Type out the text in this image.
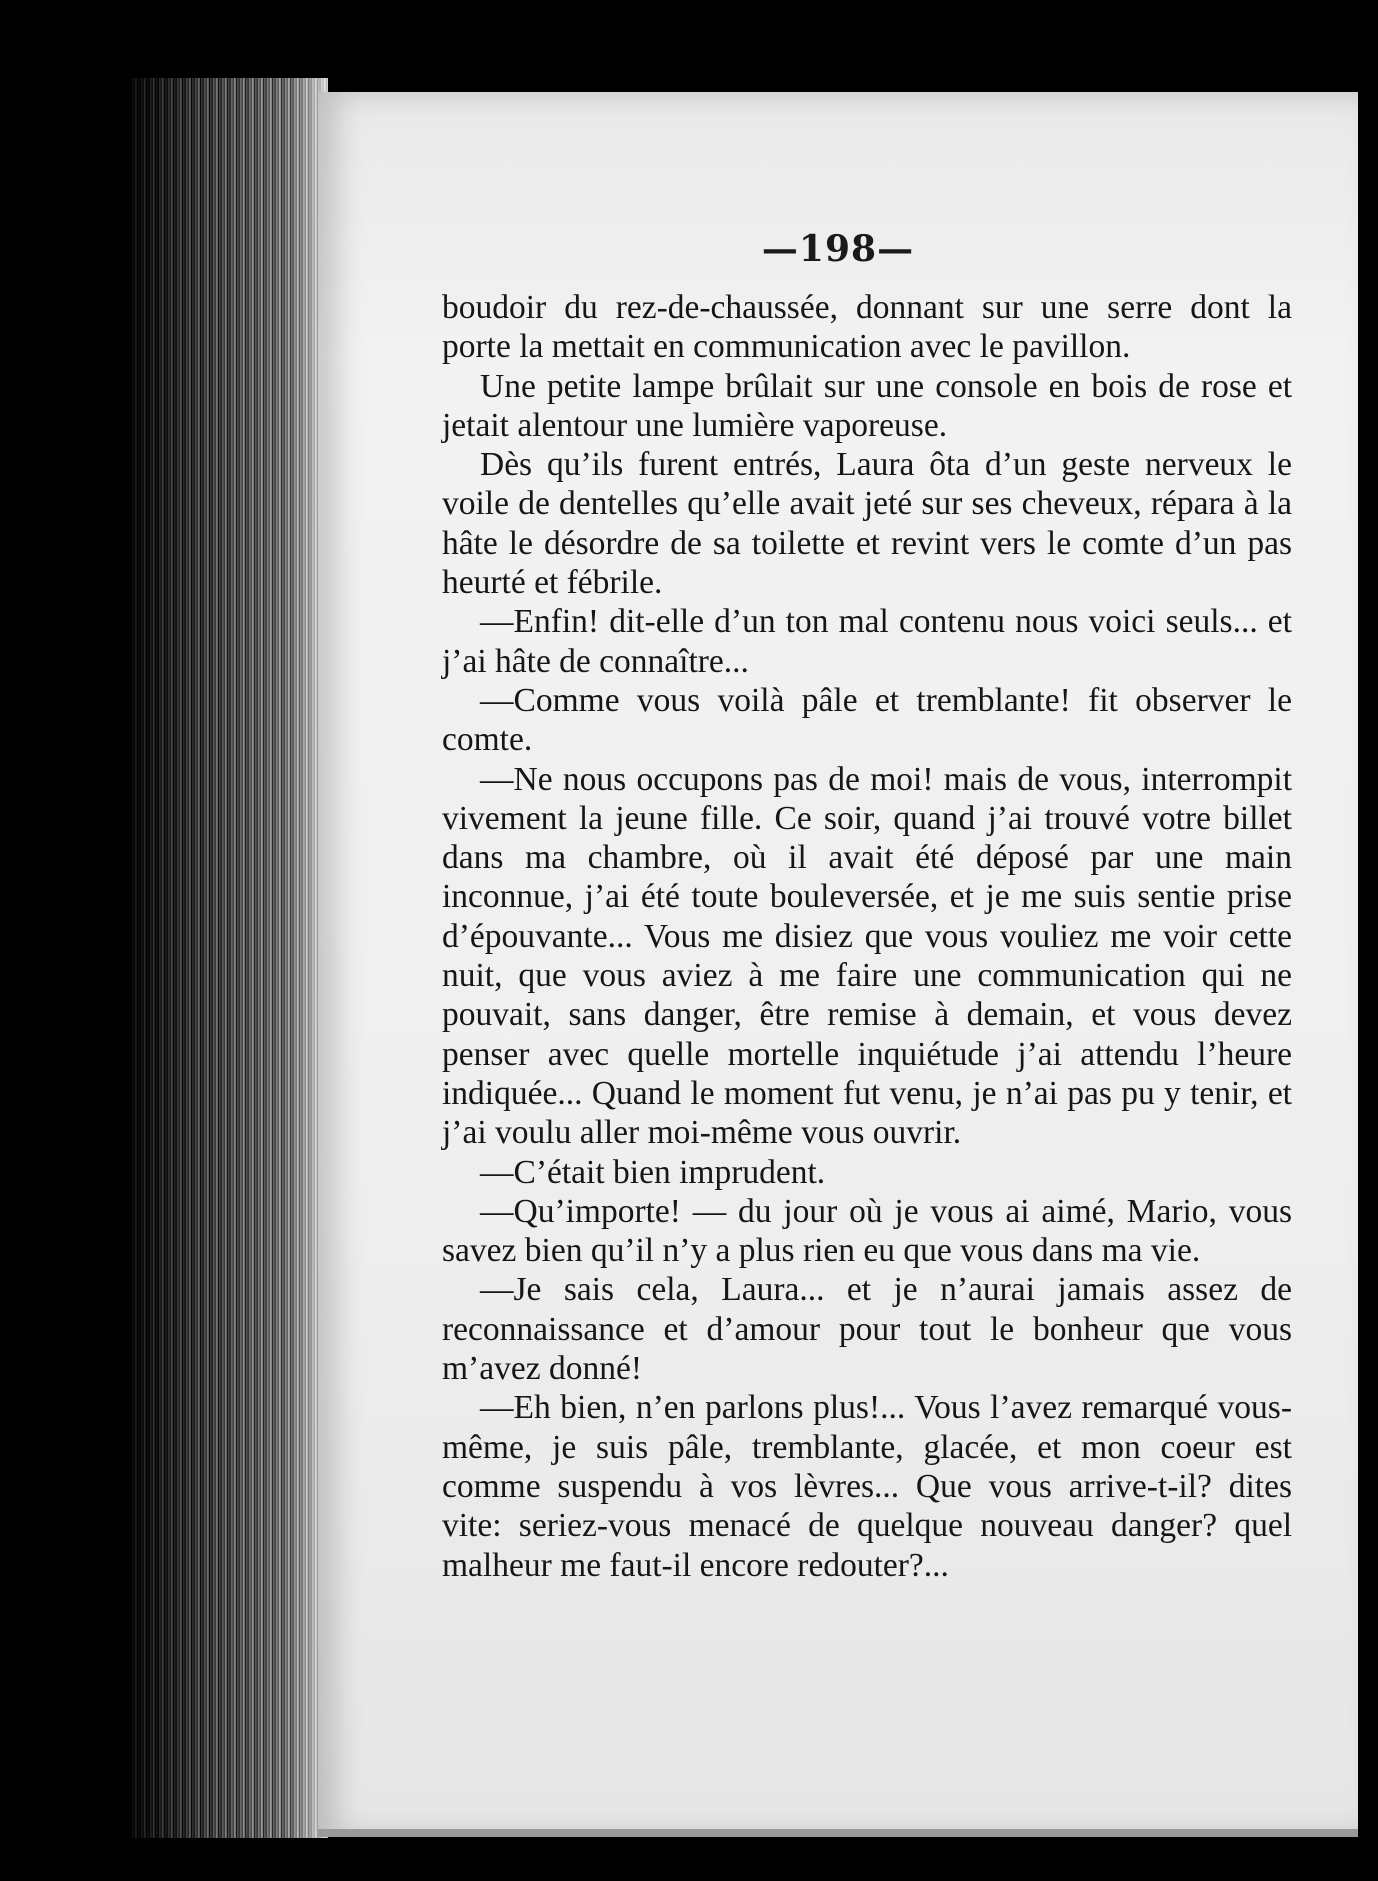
—198—

boudoir du rez-de-chaussée, donnant sur une serre dont la porte la mettait en communication avec le pavillon.

Une petite lampe brûlait sur une console en bois de rose et jetait alentour une lumière vaporeuse.

Dès qu’ils furent entrés, Laura ôta d’un geste nerveux le voile de dentelles qu’elle avait jeté sur ses cheveux, répara à la hâte le désordre de sa toilette et revint vers le comte d’un pas heurté et fébrile.

—Enfin! dit-elle d’un ton mal contenu nous voici seuls... et j’ai hâte de connaître...

—Comme vous voilà pâle et tremblante! fit observer le comte.

—Ne nous occupons pas de moi! mais de vous, interrompit vivement la jeune fille. Ce soir, quand j’ai trouvé votre billet dans ma chambre, où il avait été déposé par une main inconnue, j’ai été toute bouleversée, et je me suis sentie prise d’épouvante... Vous me disiez que vous vouliez me voir cette nuit, que vous aviez à me faire une communication qui ne pouvait, sans danger, être remise à demain, et vous devez penser avec quelle mortelle inquiétude j’ai attendu l’heure indiquée... Quand le moment fut venu, je n’ai pas pu y tenir, et j’ai voulu aller moi-même vous ouvrir.

—C’était bien imprudent.

—Qu’importe! — du jour où je vous ai aimé, Mario, vous savez bien qu’il n’y a plus rien eu que vous dans ma vie.

—Je sais cela, Laura... et je n’aurai jamais assez de reconnaissance et d’amour pour tout le bonheur que vous m’avez donné!

—Eh bien, n’en parlons plus!... Vous l’avez remarqué vous-même, je suis pâle, tremblante, glacée, et mon coeur est comme suspendu à vos lèvres... Que vous arrive-t-il? dites vite: seriez-vous menacé de quelque nouveau danger? quel malheur me faut-il encore redouter?...
